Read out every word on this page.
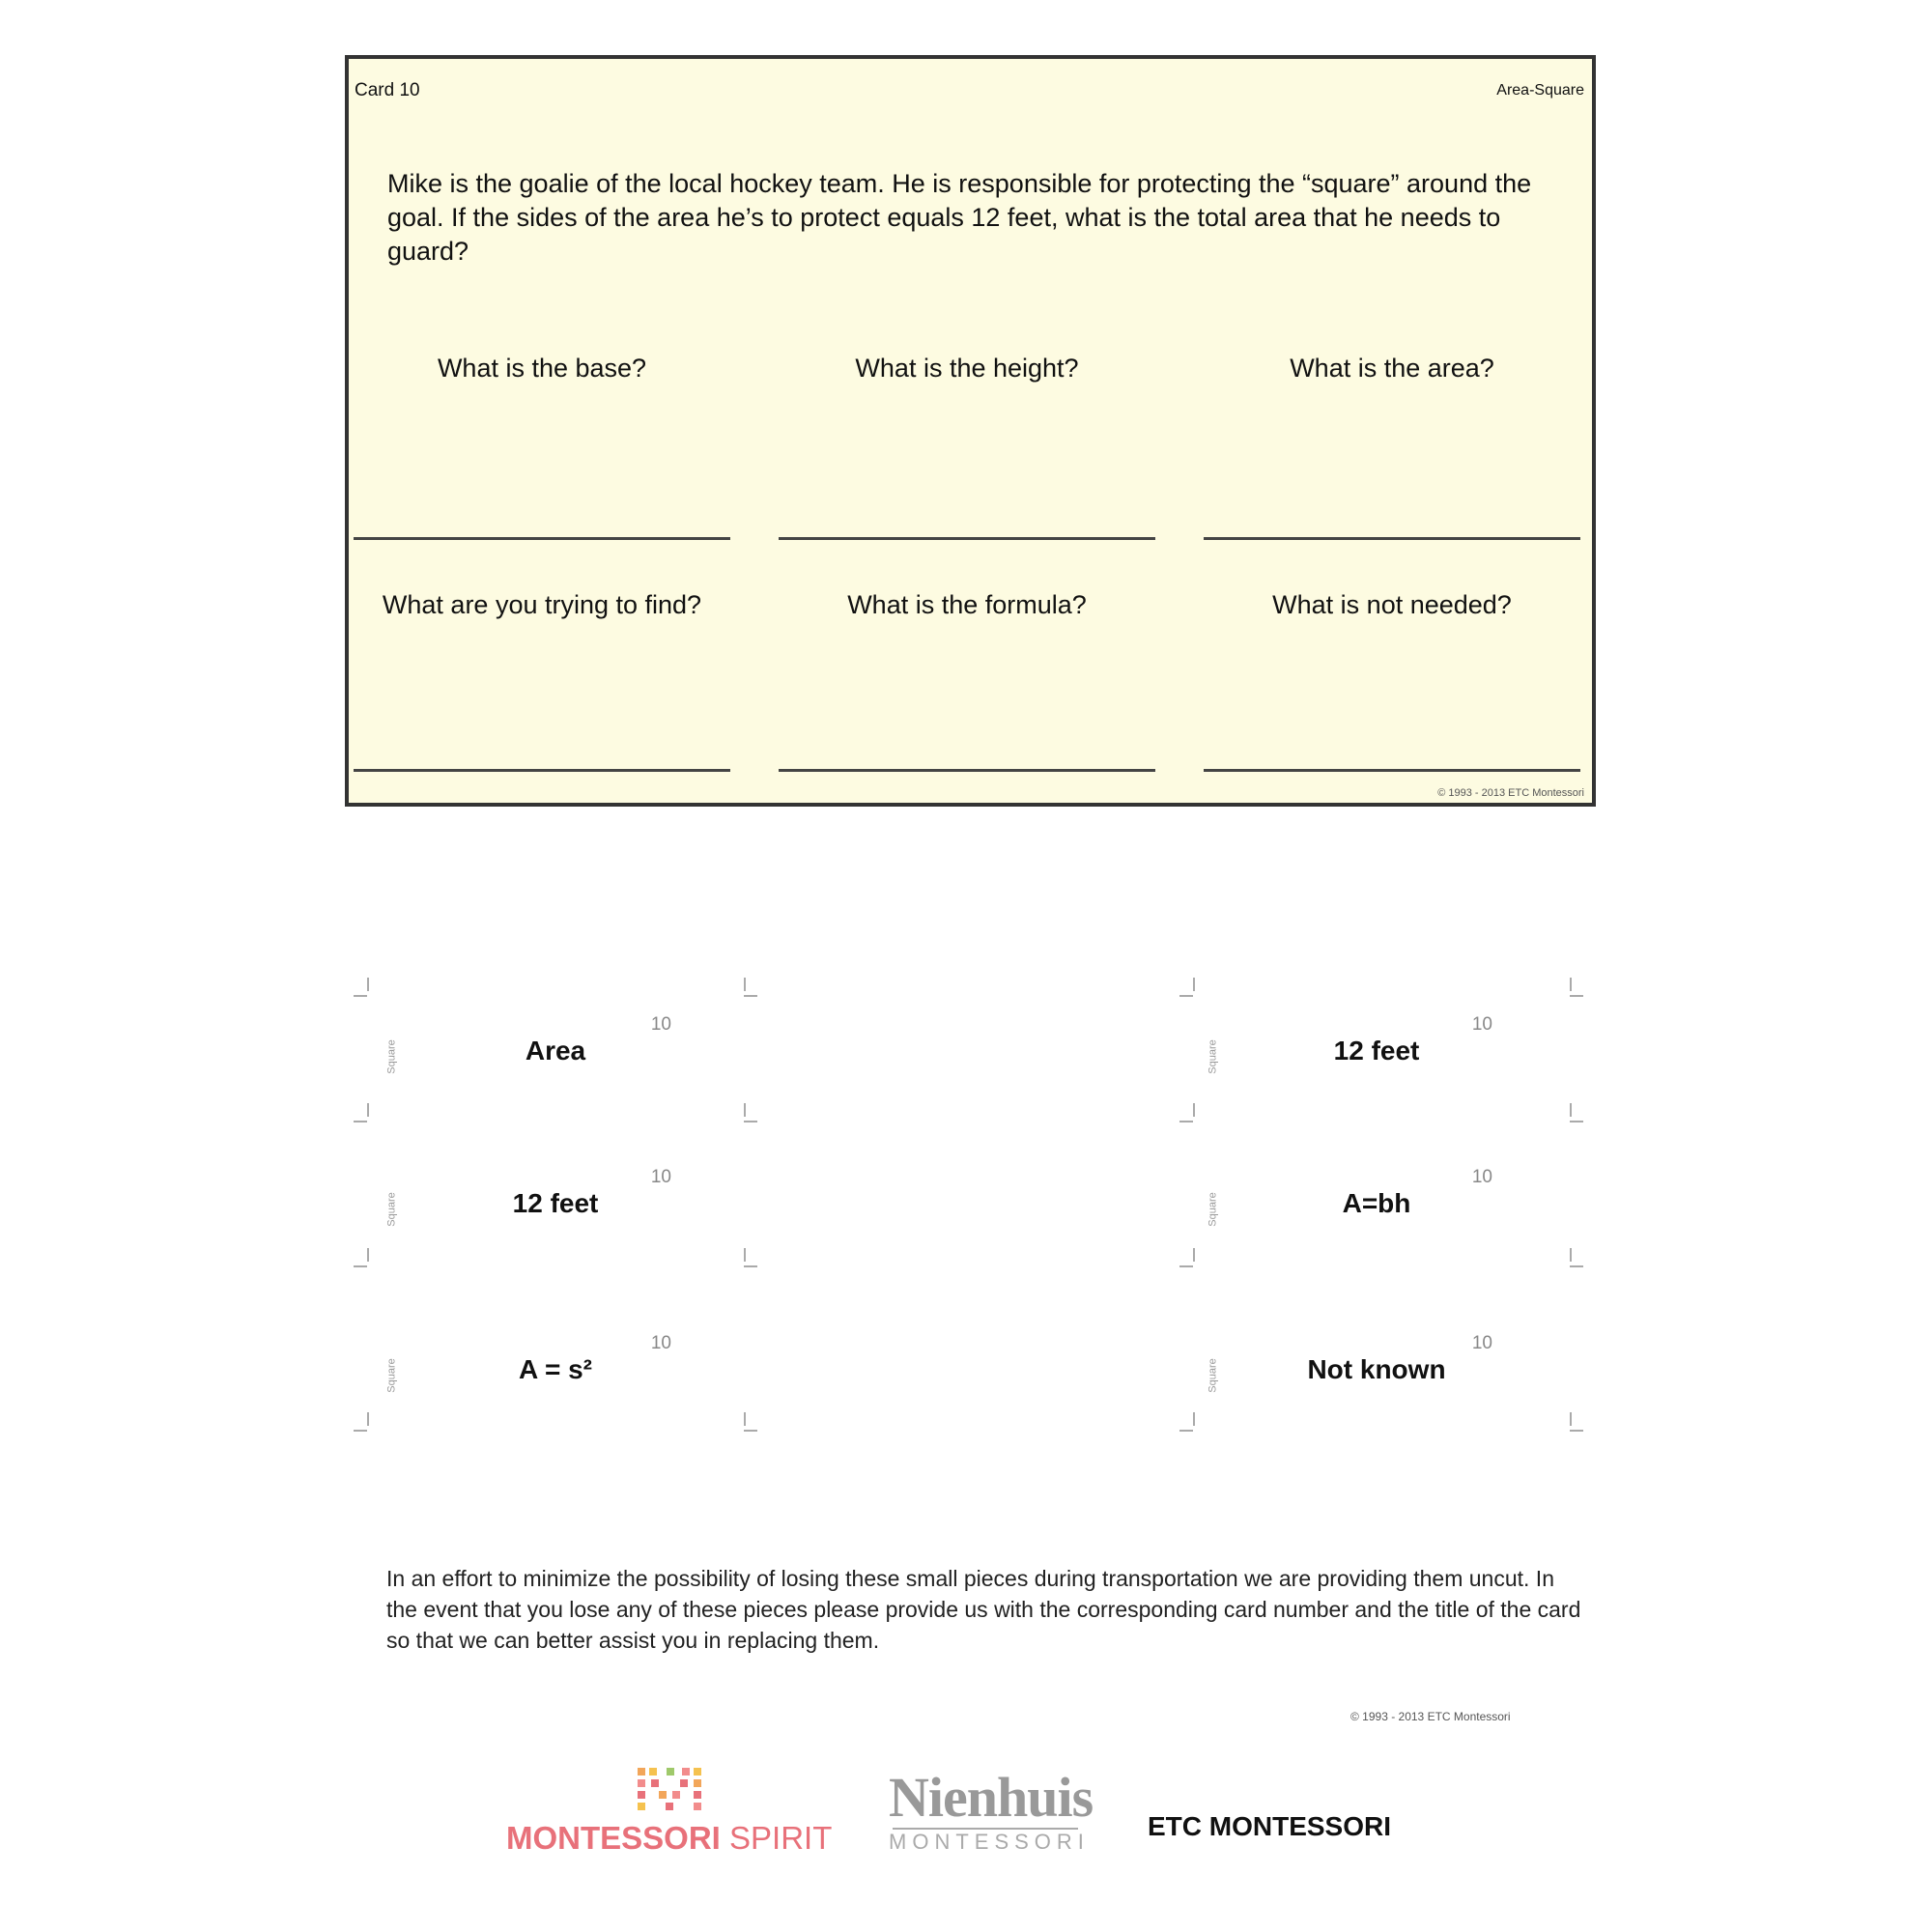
Card 10	Area-Square

Mike is the goalie of the local hockey team. He is responsible for protecting the “square” around the goal. If the sides of the area he’s to protect equals 12 feet, what is the total area that he needs to guard?

What is the base?	What is the height?	What is the area?
What are you trying to find?	What is the formula?	What is not needed?
© 1993 - 2013 ETC Montessori
Square	Area
10
Square	12 feet
10
Square	A = s²
10
Square	12 feet
10
Square	A=bh
10
Square	Not known
10

In an effort to minimize the possibility of losing these small pieces during transportation we are providing them uncut. In the event that you lose any of these pieces please provide us with the corresponding card number and the title of the card so that we can better assist you in replacing them.

© 1993 - 2013 ETC Montessori
MONTESSORI SPIRIT
Nienhuis
MONTESSORI
ETC MONTESSORI
